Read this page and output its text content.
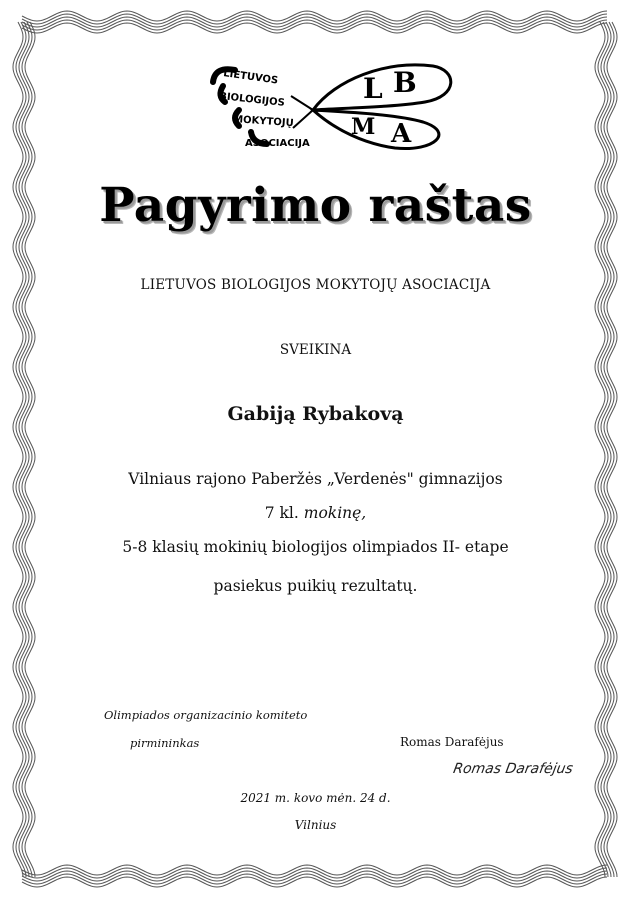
LIETUVOS
BIOLOGIJOS
MOKYTOJŲ
ASOCIACIJA
L B
M A
Pagyrimo raštas
LIETUVOS BIOLOGIJOS MOKYTOJŲ ASOCIACIJA
SVEIKINA
Gabiją Rybakovą
Vilniaus rajono Paberžės „Verdenės" gimnazijos
7 kl. mokinę,
5-8 klasių mokinių biologijos olimpiados II- etape
pasiekus puikių rezultatų.
Olimpiados organizacinio komiteto
pirmininkas	Romas Darafėjus
Romas Darafėjus
2021 m. kovo mėn. 24 d.
Vilnius
